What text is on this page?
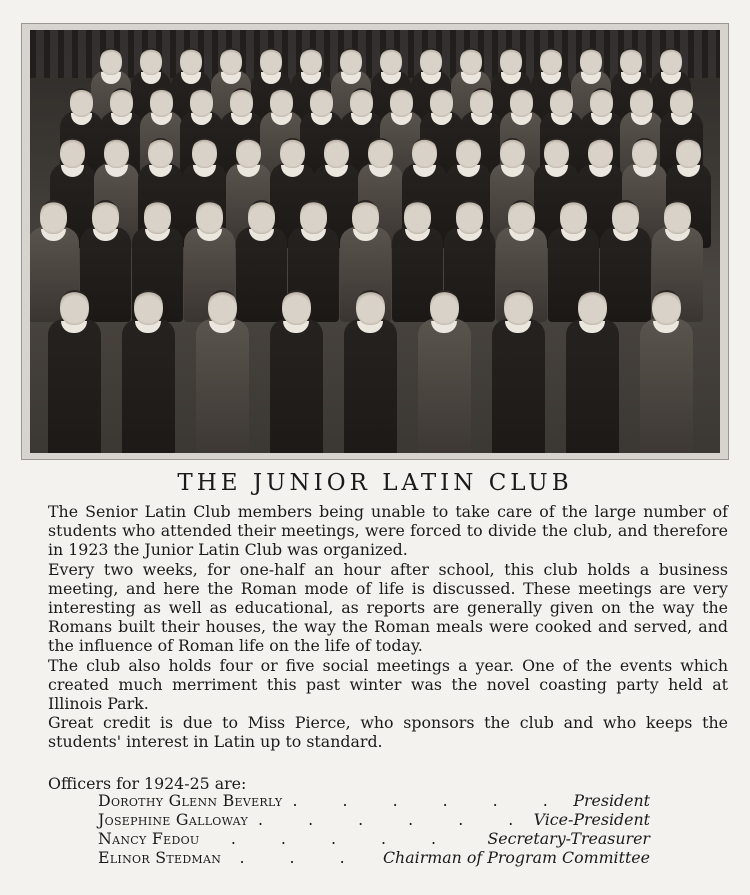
THE JUNIOR LATIN CLUB

The Senior Latin Club members being unable to take care of the large number of students who attended their meetings, were forced to divide the club, and therefore in 1923 the Junior Latin Club was organized.

Every two weeks, for one-half an hour after school, this club holds a business meeting, and here the Roman mode of life is discussed. These meetings are very interesting as well as educational, as reports are generally given on the way the Romans built their houses, the way the Roman meals were cooked and served, and the influence of Roman life on the life of today.

The club also holds four or five social meetings a year. One of the events which created much merriment this past winter was the novel coasting party held at Illinois Park.

Great credit is due to Miss Pierce, who sponsors the club and who keeps the students' interest in Latin up to standard.

Officers for 1924-25 are:
Dorothy Glenn Beverly . . . . . . President
Josephine Galloway . . . . . . Vice-President
Nancy Fedou	. . . . .	Secretary-Treasurer
Elinor Stedman	. . .	Chairman of Program Committee
